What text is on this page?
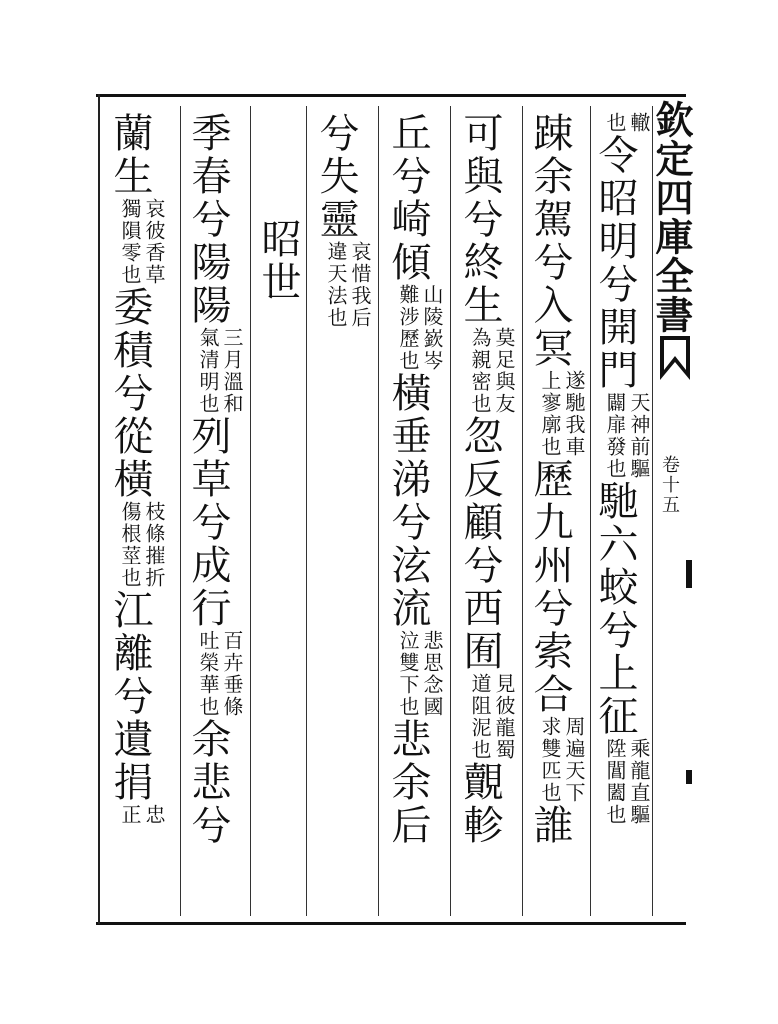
欽定四庫全書
卷十五
轍也令昭明兮開門天神前驅闢扉發也馳六蛟兮上征乘龍直驅陞閶闔也
踈余駕兮入冥遂馳我車上寥廓也歷九州兮索合周遍天下求雙匹也誰
可與兮終生莫足與友為親密也忽反顧兮西囿見彼龍蜀道阻泥也覿軫
丘兮崎傾山陵嶔岑難涉歷也橫垂涕兮泫流悲思念國泣雙下也悲余后
兮失靈哀惜我后違天法也
昭世
季春兮陽陽三月溫和氣清明也列草兮成行百卉垂條吐榮華也余悲兮
蘭生哀彼香草獨隕零也委積兮從橫枝條摧折傷根莖也江離兮遺捐忠正
